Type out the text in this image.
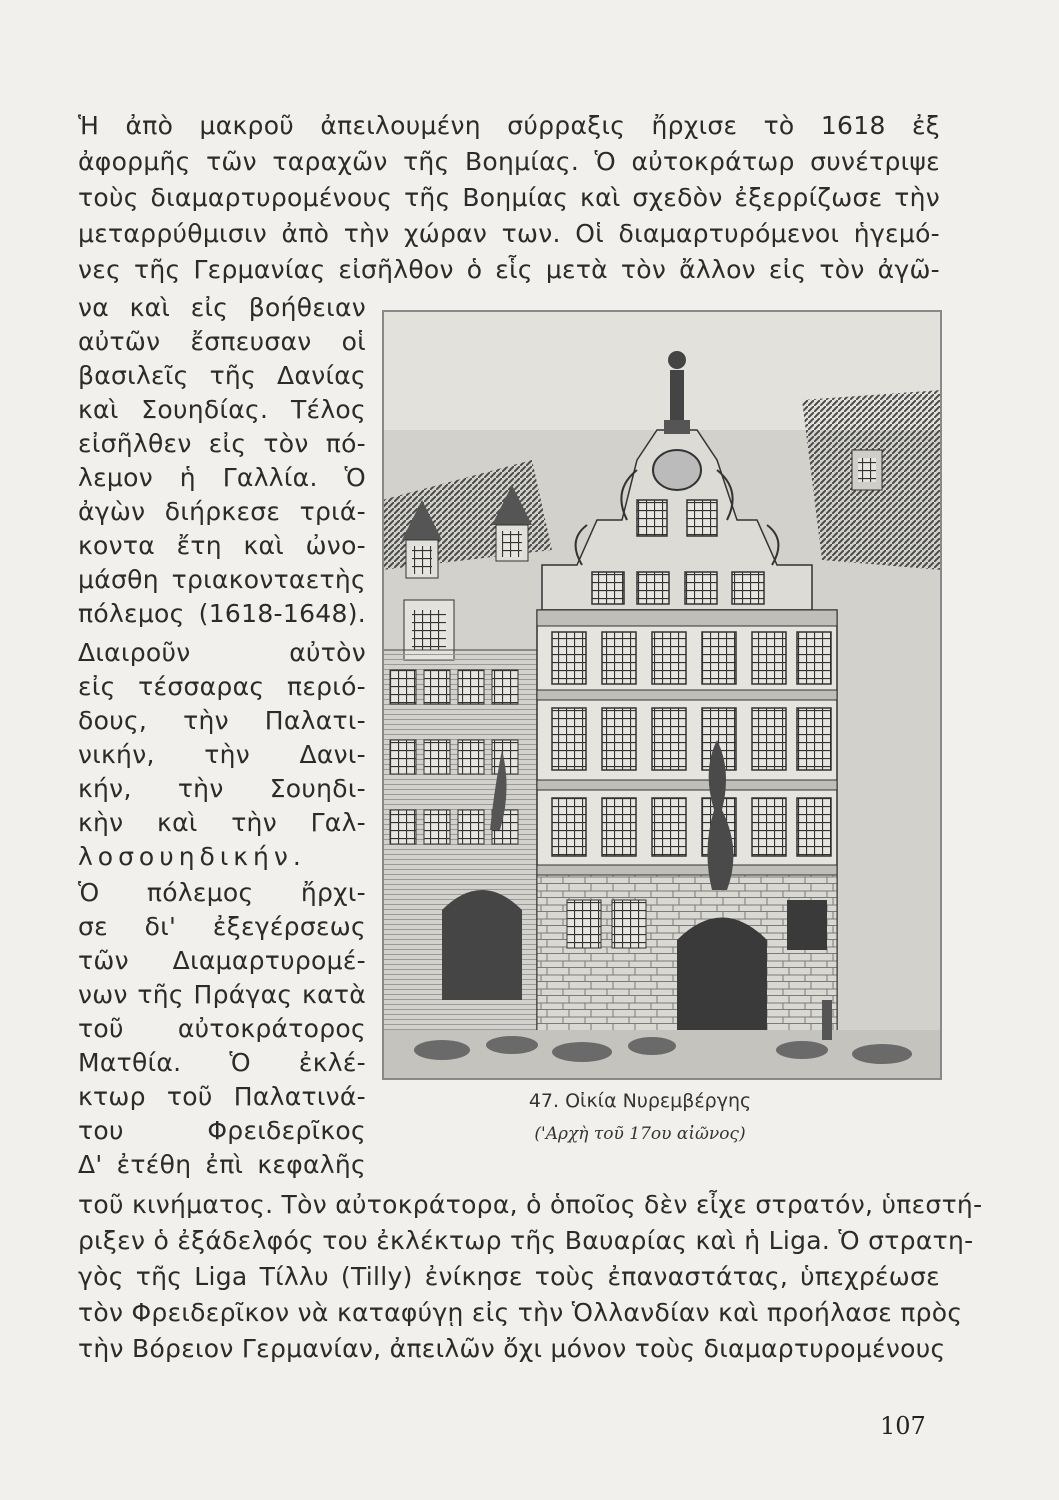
Ἡ ἀπὸ μακροῦ ἀπειλουμένη σύρραξις ἤρχισε τὸ 1618 ἐξ
ἀφορμῆς τῶν ταραχῶν τῆς Βοημίας. Ὁ αὐτοκράτωρ συνέτριψε
τοὺς διαμαρτυρομένους τῆς Βοημίας καὶ σχεδὸν ἐξερρίζωσε τὴν
μεταρρύθμισιν ἀπὸ τὴν χώραν των. Οἱ διαμαρτυρόμενοι ἡγεμό-
νες τῆς Γερμανίας εἰσῆλθον ὁ εἷς μετὰ τὸν ἄλλον εἰς τὸν ἀγῶ-
να καὶ εἰς βοήθειαν
αὐτῶν ἔσπευσαν οἱ
βασιλεῖς τῆς Δανίας
καὶ Σουηδίας. Τέλος
εἰσῆλθεν εἰς τὸν πό-
λεμον ἡ Γαλλία. Ὁ
ἀγὼν διήρκεσε τριά-
κοντα ἔτη καὶ ὠνο-
μάσθη τριακονταετὴς
πόλεμος (1618-1648).
Διαιροῦν αὐτὸν
εἰς τέσσαρας περιό-
δους, τὴν Παλατι-
νικήν, τὴν Δανι-
κήν, τὴν Σουηδι-
κὴν καὶ τὴν Γαλ-
λοσουηδικήν.
Ὁ πόλεμος ἤρχι-
σε δι' ἐξεγέρσεως
τῶν Διαμαρτυρομέ-
νων τῆς Πράγας κατὰ
τοῦ αὐτοκράτορος
Ματθία. Ὁ ἐκλέ-
κτωρ τοῦ Παλατινά-
του Φρειδερῖκος
Δ' ἐτέθη ἐπὶ κεφαλῆς
τοῦ κινήματος. Τὸν αὐτοκράτορα, ὁ ὁποῖος δὲν εἶχε στρατόν, ὑπεστή-
ριξεν ὁ ἐξάδελφός του ἐκλέκτωρ τῆς Βαυαρίας καὶ ἡ Liga. Ὁ στρατη-
γὸς τῆς Liga Τίλλυ (Tilly) ἐνίκησε τοὺς ἐπαναστάτας, ὑπεχρέωσε
τὸν Φρειδερῖκον νὰ καταφύγῃ εἰς τὴν Ὁλλανδίαν καὶ προήλασε πρὸς
τὴν Βόρειον Γερμανίαν, ἀπειλῶν ὄχι μόνον τοὺς διαμαρτυρομένους
47. Οἰκία Νυρεμβέργης
('Αρχὴ τοῦ 17ου αἰῶνος)
107
